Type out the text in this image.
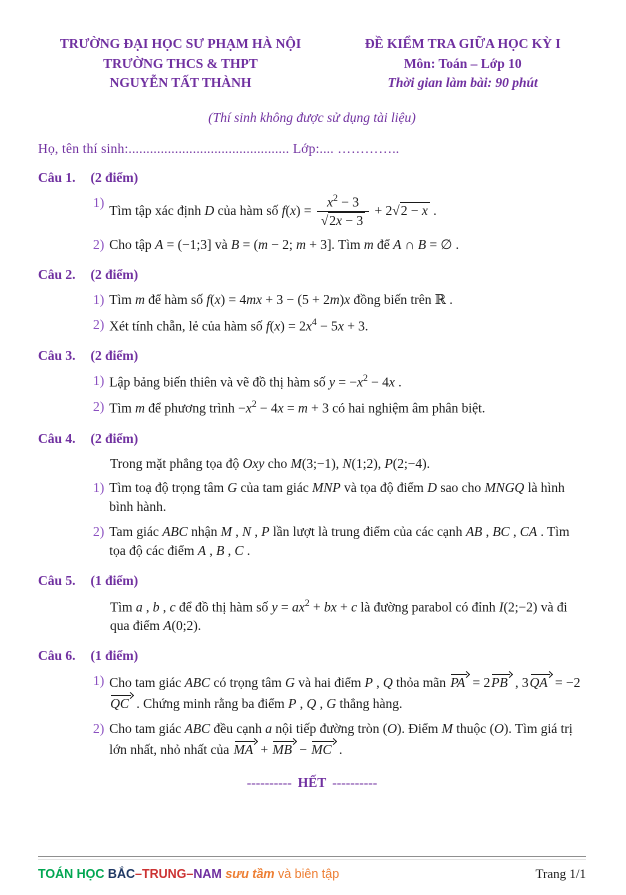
TRƯỜNG ĐẠI HỌC SƯ PHẠM HÀ NỘI
TRƯỜNG THCS & THPT
NGUYỄN TẤT THÀNH
ĐỀ KIỂM TRA GIỮA HỌC KỲ I
Môn: Toán – Lớp 10
Thời gian làm bài: 90 phút
(Thí sinh không được sử dụng tài liệu)
Họ, tên thí sinh:............................................. Lớp:.... …………..
Câu 1. (2 điểm)
1)
Tìm tập xác định D của hàm số $f(x) = \frac{x^2 - 3}{√2x - 3} + 2√2 - x$ .
2) Cho tập A = (−1;3] và B = (m − 2; m + 3]. Tìm m để A ∩ B = ∅ .
Câu 2. (2 điểm)
1) Tìm m để hàm số f(x) = 4mx + 3 − (5 + 2m)x đồng biến trên ℝ .
2) Xét tính chẵn, lẻ của hàm số $f(x) = 2x^4 - 5x + 3$.
Câu 3. (2 điểm)
1) Lập bảng biến thiên và vẽ đồ thị hàm số $y = -x^2 - 4x$ .
2) Tìm m để phương trình $-x^2 - 4x = m + 3$ có hai nghiệm âm phân biệt.
Câu 4. (2 điểm)
Trong mặt phẳng tọa độ Oxy cho M(3;−1), N(1;2), P(2;−4).
1) Tìm toạ độ trọng tâm G của tam giác MNP và tọa độ điểm D sao cho MNGQ là hình bình hành.
2) Tam giác ABC nhận M , N , P lần lượt là trung điểm của các cạnh AB , BC , CA . Tìm tọa độ các điểm A , B , C .
Câu 5. (1 điểm)
Tìm a , b , c để đồ thị hàm số $y = ax^2$ + bx + c là đường parabol có đỉnh I(2;−2) và đi qua điểm A(0;2).
Câu 6. (1 điểm)
1) Cho tam giác ABC có trọng tâm G và hai điểm P , Q thỏa mãn PA = 2PB , 3QA = −2QC . Chứng minh rằng ba điểm P , Q , G thẳng hàng.
2) Cho tam giác ABC đều cạnh a nội tiếp đường tròn (O). Điểm M thuộc (O). Tìm giá trị lớn nhất, nhỏ nhất của MA + MB − MC .
---------- HẾT ----------
TOÁN HỌC BẮC–TRUNG–NAM sưu tầm và biên tập	Trang 1/1
